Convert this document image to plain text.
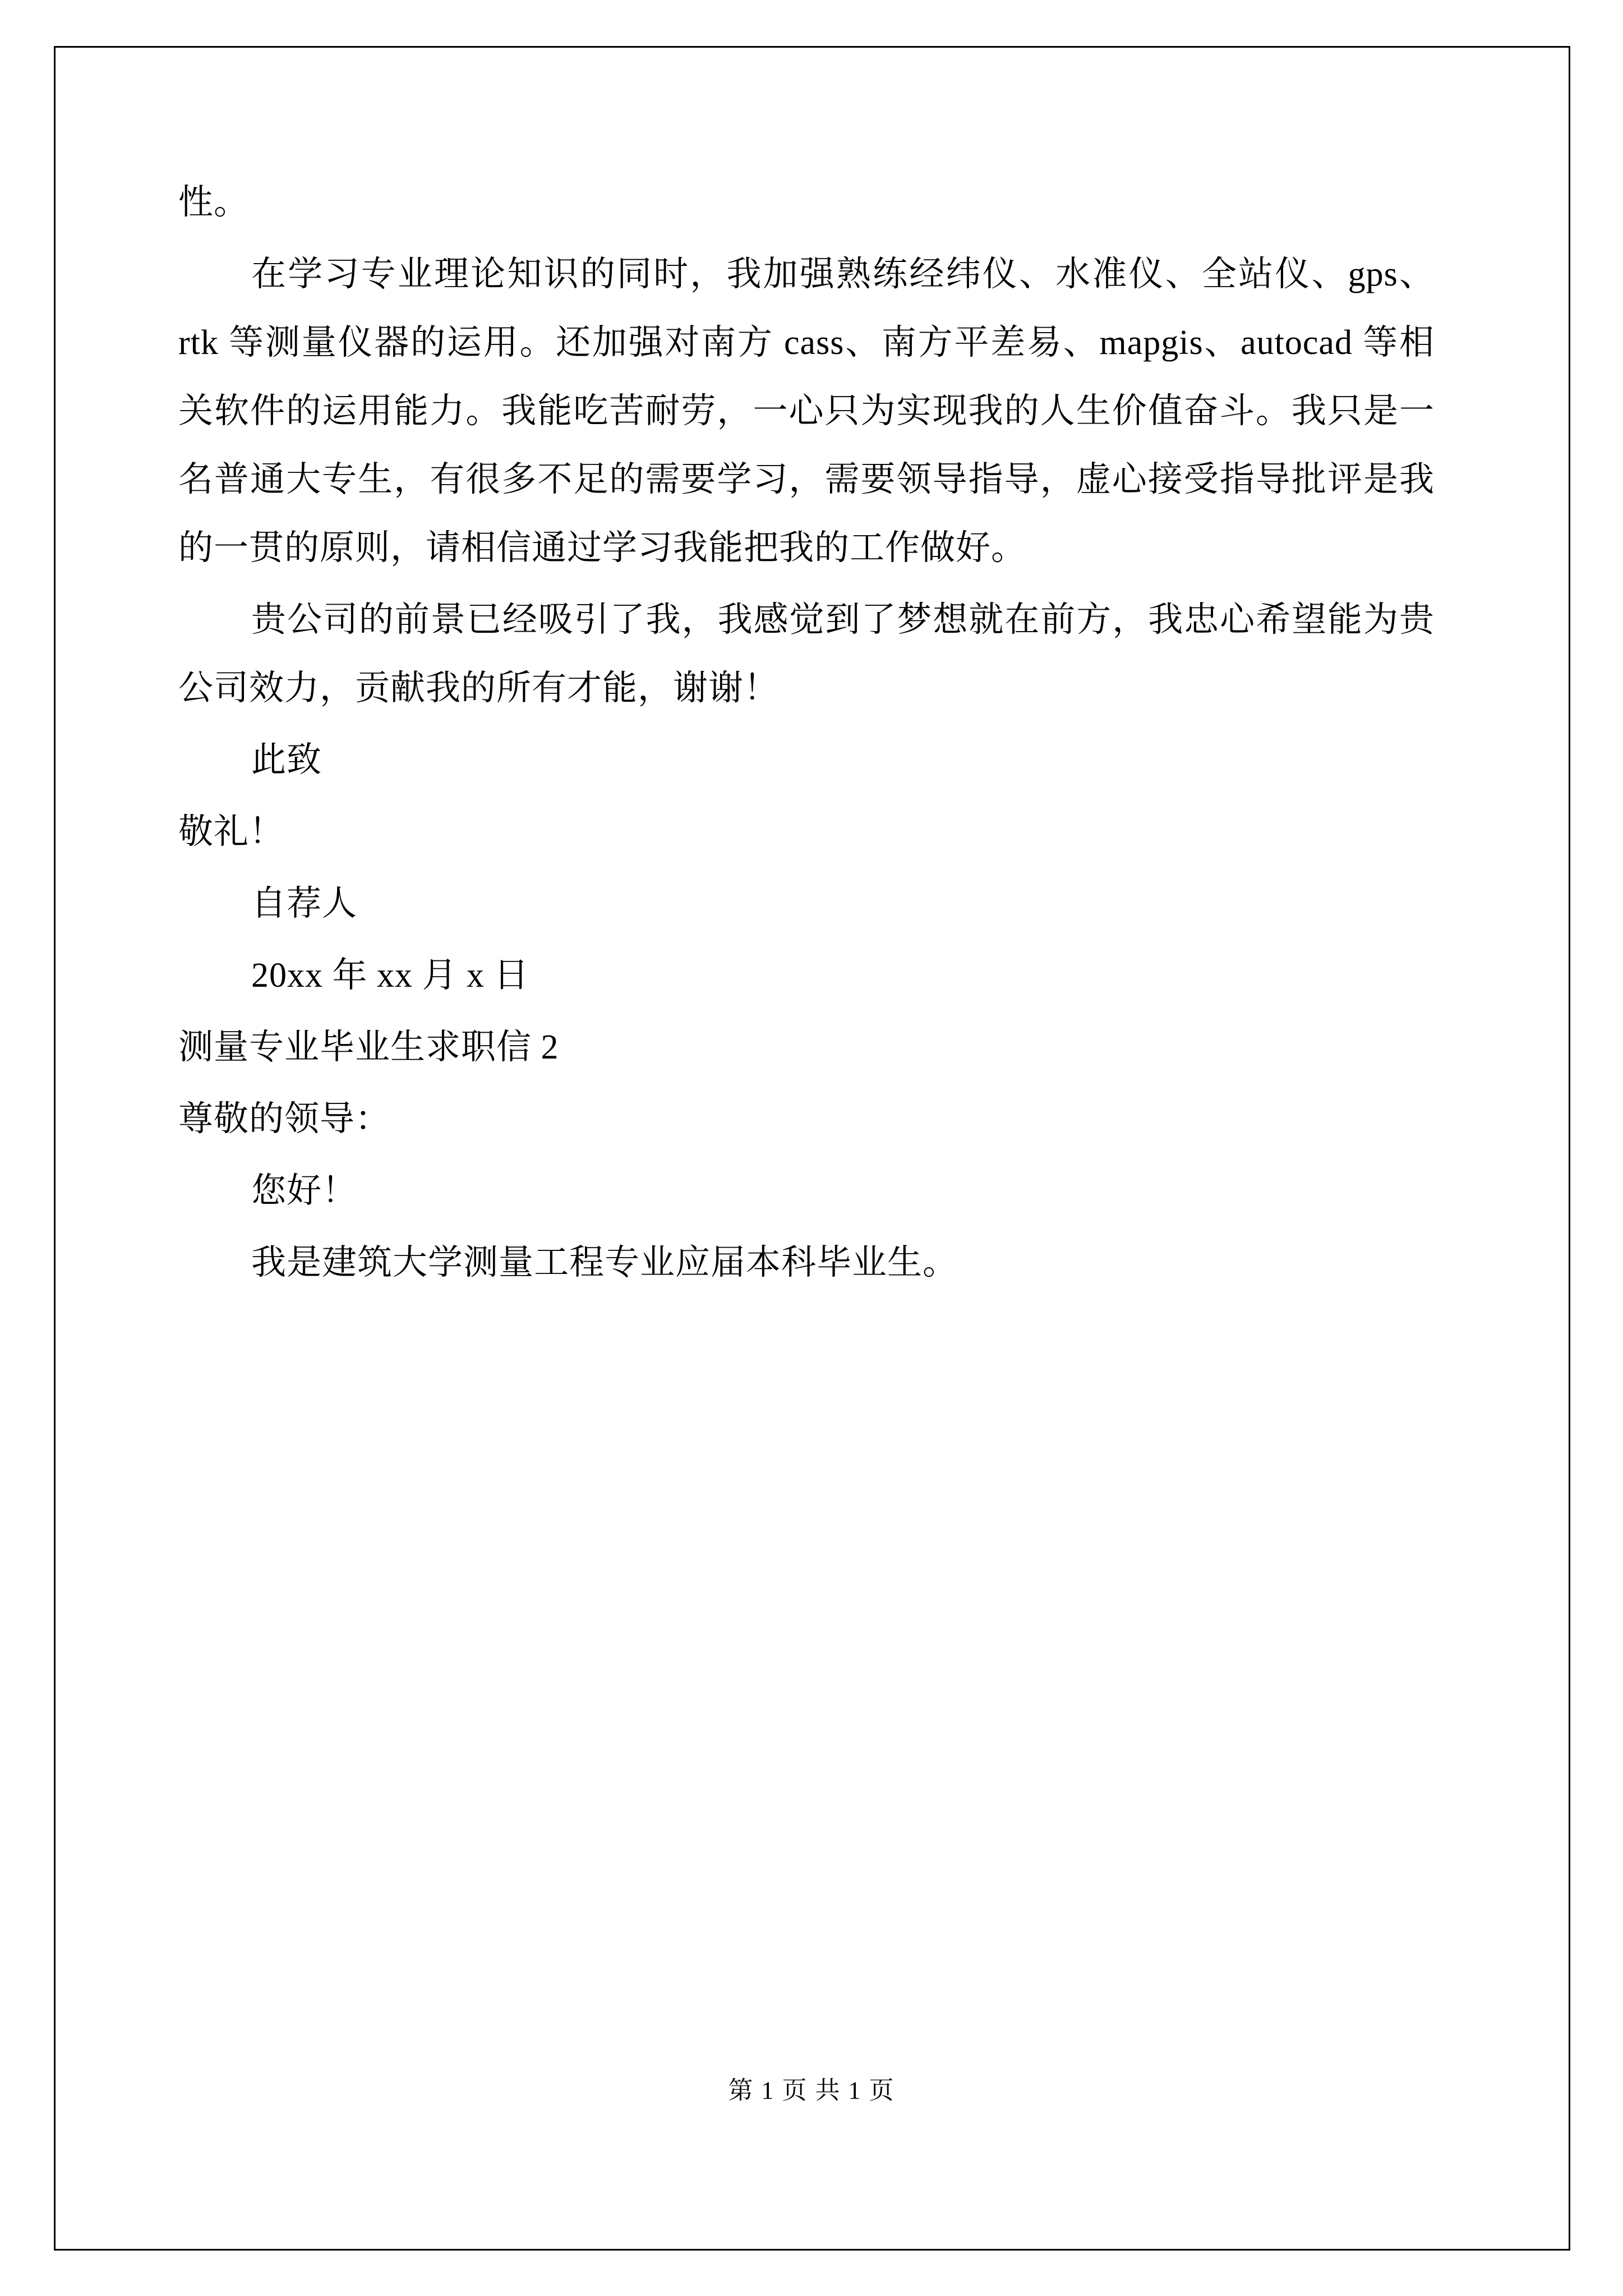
性。

在学习专业理论知识的同时，我加强熟练经纬仪、水准仪、全站仪、gps、rtk 等测量仪器的运用。还加强对南方 cass、南方平差易、mapgis、autocad 等相关软件的运用能力。我能吃苦耐劳，一心只为实现我的人生价值奋斗。我只是一名普通大专生，有很多不足的需要学习，需要领导指导，虚心接受指导批评是我的一贯的原则，请相信通过学习我能把我的工作做好。

贵公司的前景已经吸引了我，我感觉到了梦想就在前方，我忠心希望能为贵公司效力，贡献我的所有才能，谢谢！

此致

敬礼！

自荐人

20xx 年 xx 月 x 日

测量专业毕业生求职信 2

尊敬的领导：

您好！

我是建筑大学测量工程专业应届本科毕业生。

第 1 页 共 1 页
